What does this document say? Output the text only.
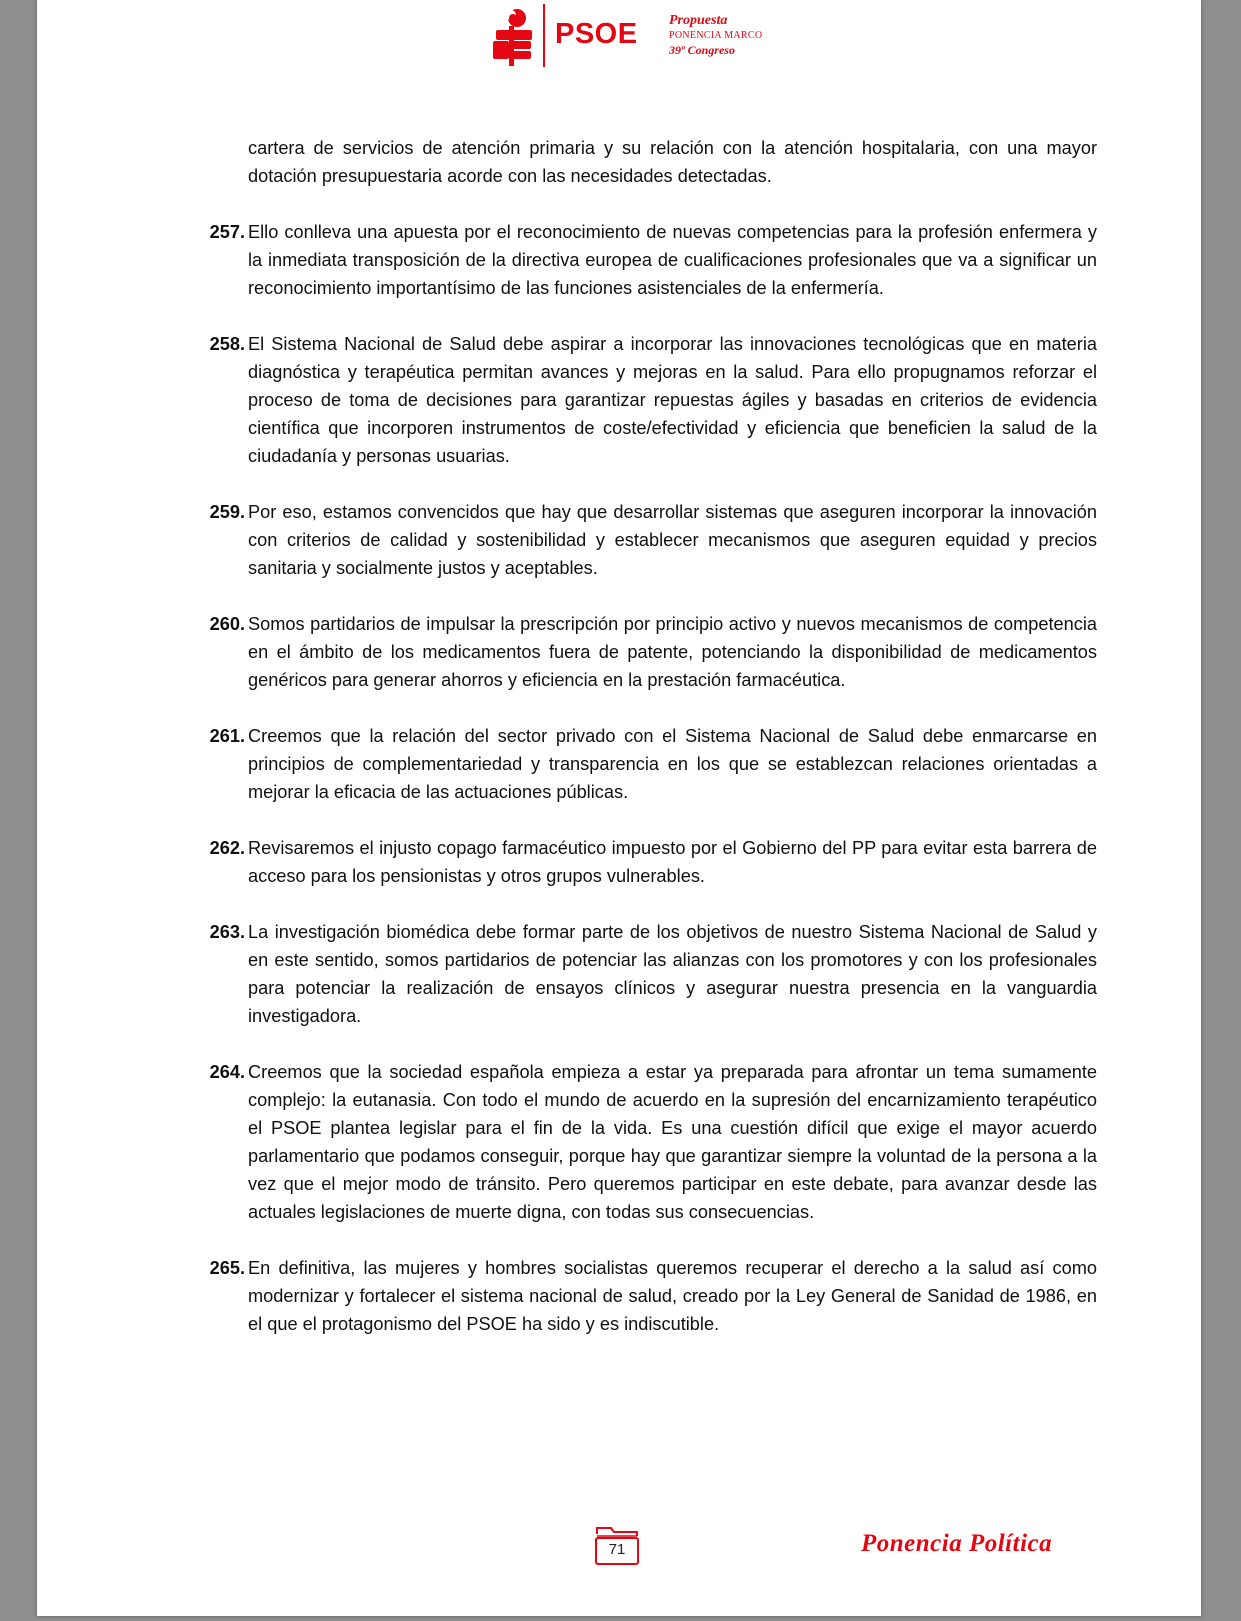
PSOE Propuesta
PONENCIA MARCO
39º Congreso
cartera de servicios de atención primaria y su relación con la atención hospitalaria, con una mayor dotación presupuestaria acorde con las necesidades detectadas.
257. Ello conlleva una apuesta por el reconocimiento de nuevas competencias para la profesión enfermera y la inmediata transposición de la directiva europea de cualificaciones profesionales que va a significar un reconocimiento importantísimo de las funciones asistenciales de la enfermería.
258. El Sistema Nacional de Salud debe aspirar a incorporar las innovaciones tecnológicas que en materia diagnóstica y terapéutica permitan avances y mejoras en la salud. Para ello propugnamos reforzar el proceso de toma de decisiones para garantizar repuestas ágiles y basadas en criterios de evidencia científica que incorporen instrumentos de coste/efectividad y eficiencia que beneficien la salud de la ciudadanía y personas usuarias.
259. Por eso, estamos convencidos que hay que desarrollar sistemas que aseguren incorporar la innovación con criterios de calidad y sostenibilidad y establecer mecanismos que aseguren equidad y precios sanitaria y socialmente justos y aceptables.
260. Somos partidarios de impulsar la prescripción por principio activo y nuevos mecanismos de competencia en el ámbito de los medicamentos fuera de patente, potenciando la disponibilidad de medicamentos genéricos para generar ahorros y eficiencia en la prestación farmacéutica.
261. Creemos que la relación del sector privado con el Sistema Nacional de Salud debe enmarcarse en principios de complementariedad y transparencia en los que se establezcan relaciones orientadas a mejorar la eficacia de las actuaciones públicas.
262. Revisaremos el injusto copago farmacéutico impuesto por el Gobierno del PP para evitar esta barrera de acceso para los pensionistas y otros grupos vulnerables.
263. La investigación biomédica debe formar parte de los objetivos de nuestro Sistema Nacional de Salud y en este sentido, somos partidarios de potenciar las alianzas con los promotores y con los profesionales para potenciar la realización de ensayos clínicos y asegurar nuestra presencia en la vanguardia investigadora.
264. Creemos que la sociedad española empieza a estar ya preparada para afrontar un tema sumamente complejo: la eutanasia. Con todo el mundo de acuerdo en la supresión del encarnizamiento terapéutico el PSOE plantea legislar para el fin de la vida. Es una cuestión difícil que exige el mayor acuerdo parlamentario que podamos conseguir, porque hay que garantizar siempre la voluntad de la persona a la vez que el mejor modo de tránsito. Pero queremos participar en este debate, para avanzar desde las actuales legislaciones de muerte digna, con todas sus consecuencias.
265. En definitiva, las mujeres y hombres socialistas queremos recuperar el derecho a la salud así como modernizar y fortalecer el sistema nacional de salud, creado por la Ley General de Sanidad de 1986, en el que el protagonismo del PSOE ha sido y es indiscutible.
71	Ponencia Política
